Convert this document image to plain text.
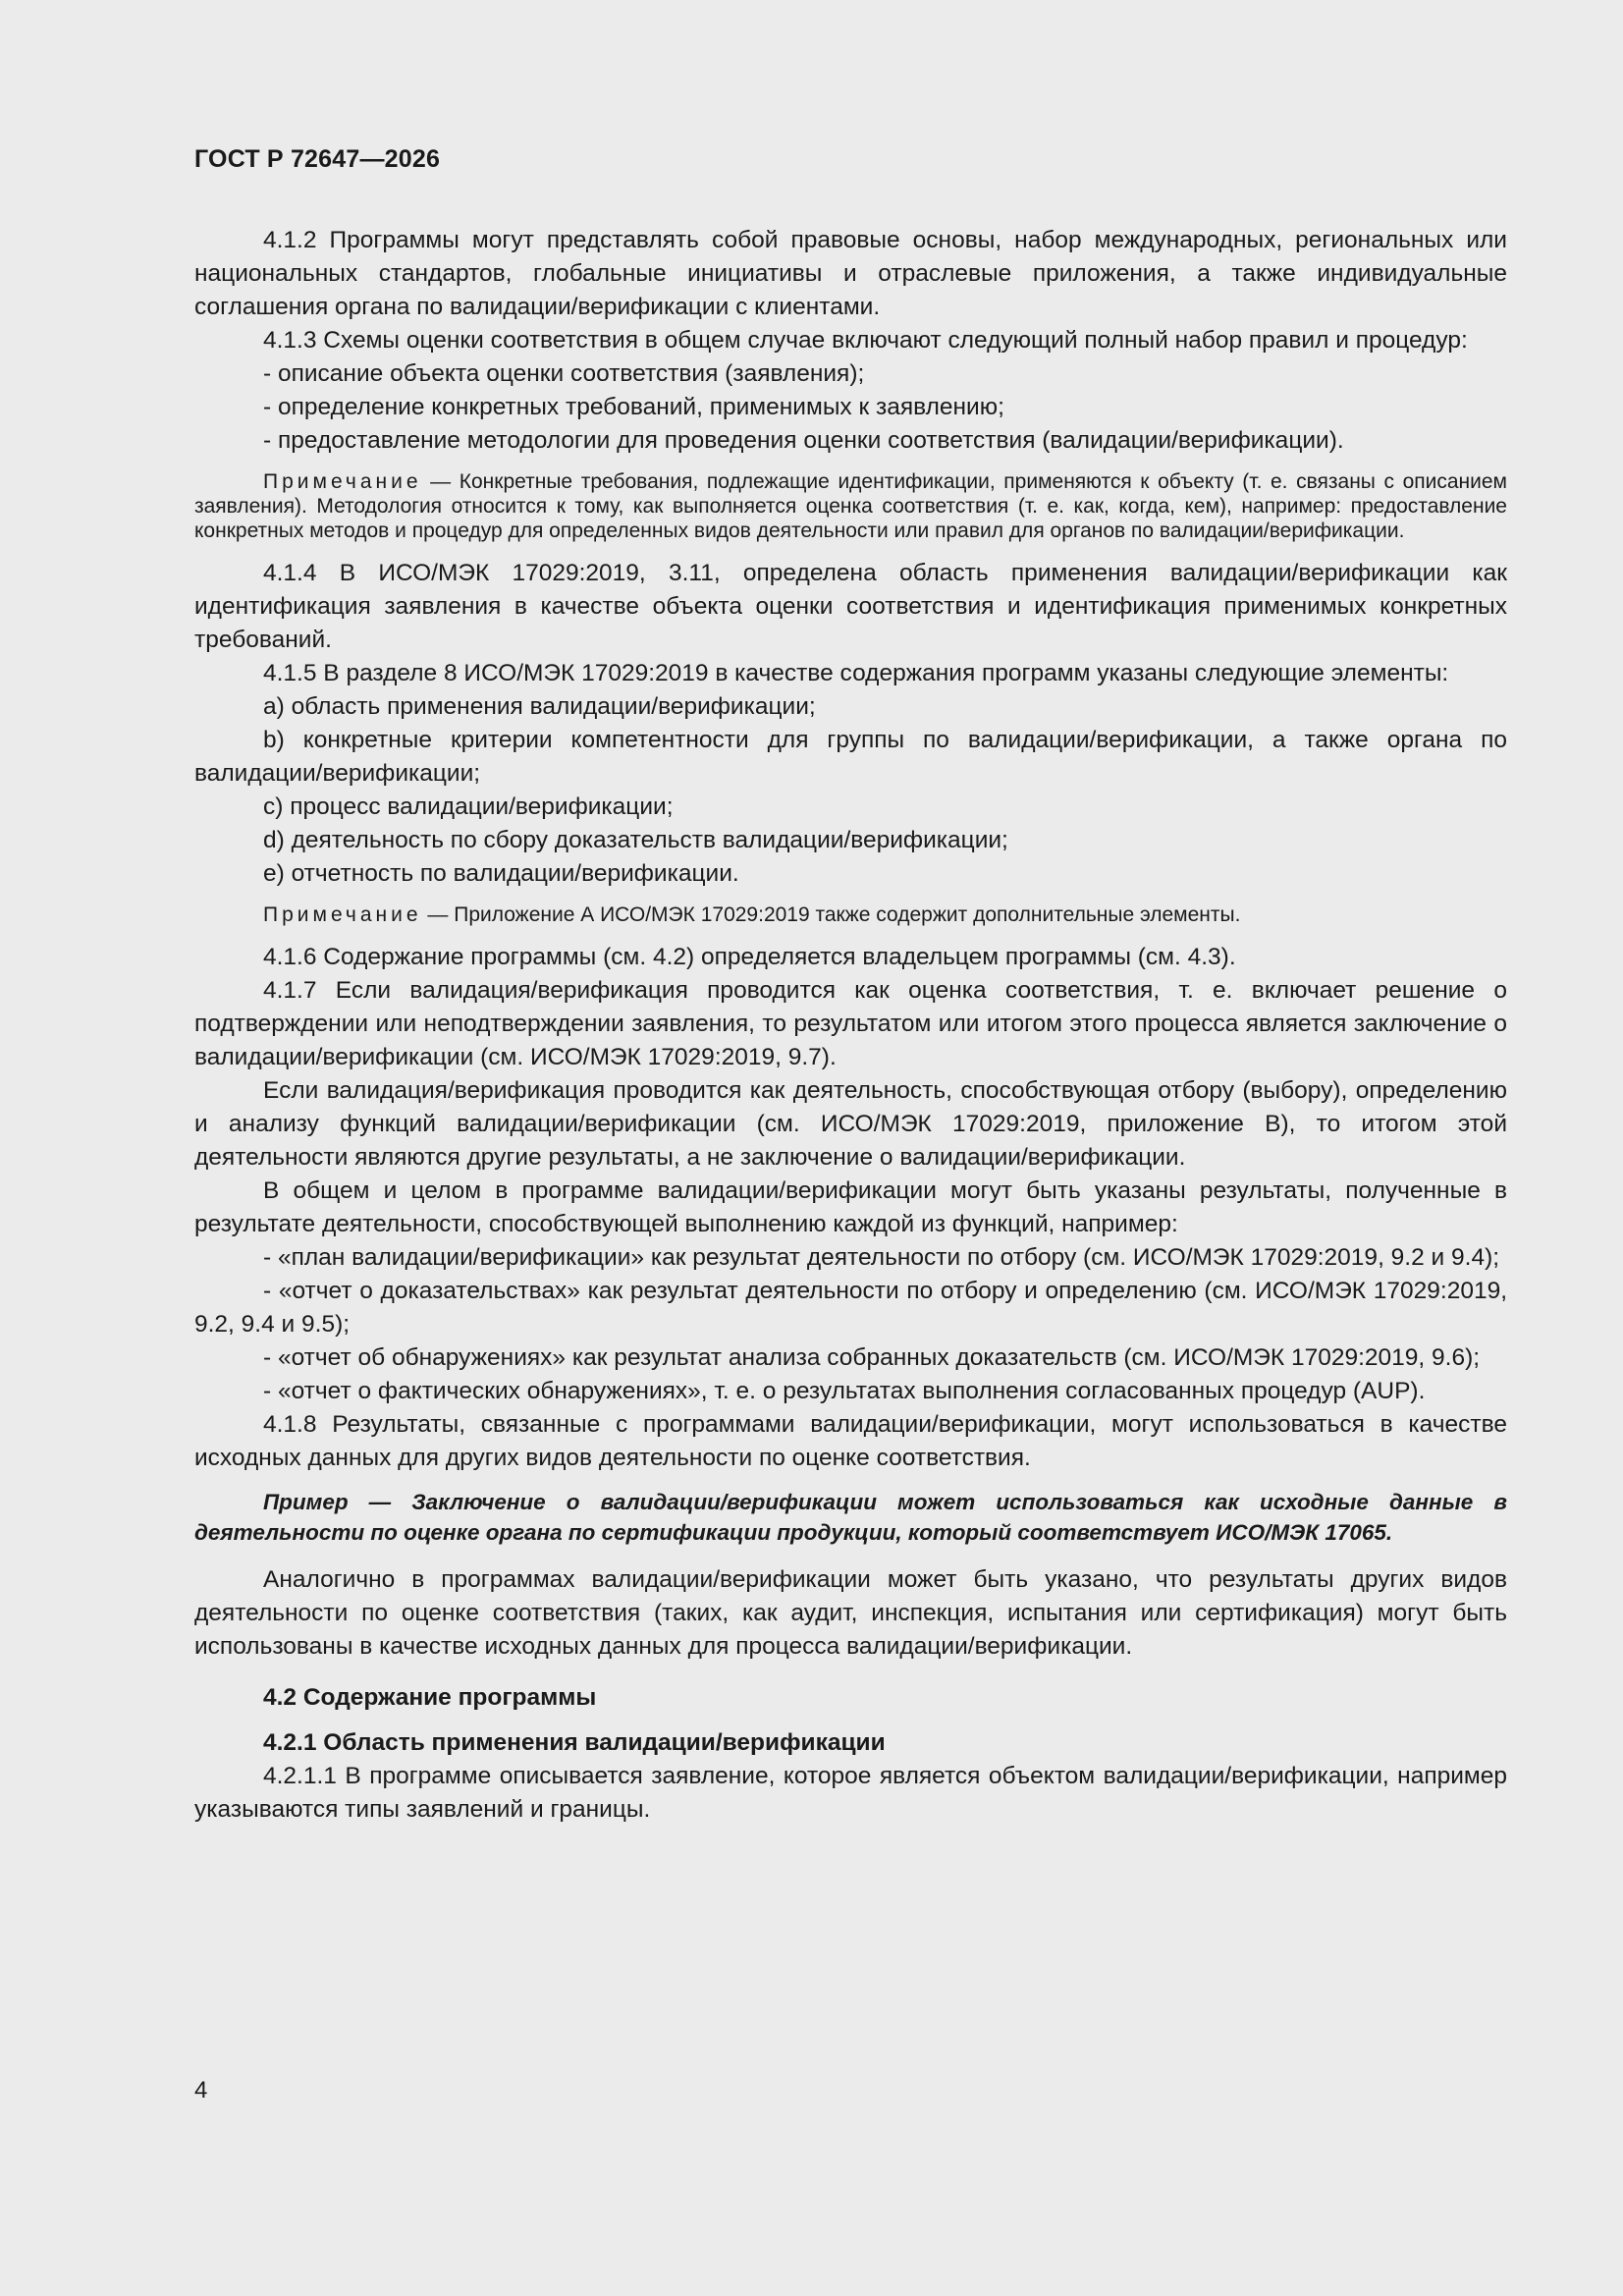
ГОСТ Р 72647—2026

4.1.2 Программы могут представлять собой правовые основы, набор международных, региональных или национальных стандартов, глобальные инициативы и отраслевые приложения, а также индивидуальные соглашения органа по валидации/верификации с клиентами.

4.1.3 Схемы оценки соответствия в общем случае включают следующий полный набор правил и процедур:

- описание объекта оценки соответствия (заявления);

- определение конкретных требований, применимых к заявлению;

- предоставление методологии для проведения оценки соответствия (валидации/верификации).

Примечание — Конкретные требования, подлежащие идентификации, применяются к объекту (т. е. связаны с описанием заявления). Методология относится к тому, как выполняется оценка соответствия (т. е. как, когда, кем), например: предоставление конкретных методов и процедур для определенных видов деятельности или правил для органов по валидации/верификации.

4.1.4 В ИСО/МЭК 17029:2019, 3.11, определена область применения валидации/верификации как идентификация заявления в качестве объекта оценки соответствия и идентификация применимых конкретных требований.

4.1.5 В разделе 8 ИСО/МЭК 17029:2019 в качестве содержания программ указаны следующие элементы:

a) область применения валидации/верификации;

b) конкретные критерии компетентности для группы по валидации/верификации, а также органа по валидации/верификации;

c) процесс валидации/верификации;

d) деятельность по сбору доказательств валидации/верификации;

e) отчетность по валидации/верификации.

Примечание — Приложение А ИСО/МЭК 17029:2019 также содержит дополнительные элементы.

4.1.6 Содержание программы (см. 4.2) определяется владельцем программы (см. 4.3).

4.1.7 Если валидация/верификация проводится как оценка соответствия, т. е. включает решение о подтверждении или неподтверждении заявления, то результатом или итогом этого процесса является заключение о валидации/верификации (см. ИСО/МЭК 17029:2019, 9.7).

Если валидация/верификация проводится как деятельность, способствующая отбору (выбору), определению и анализу функций валидации/верификации (см. ИСО/МЭК 17029:2019, приложение В), то итогом этой деятельности являются другие результаты, а не заключение о валидации/верификации.

В общем и целом в программе валидации/верификации могут быть указаны результаты, полученные в результате деятельности, способствующей выполнению каждой из функций, например:

- «план валидации/верификации» как результат деятельности по отбору (см. ИСО/МЭК 17029:2019, 9.2 и 9.4);

- «отчет о доказательствах» как результат деятельности по отбору и определению (см. ИСО/МЭК 17029:2019, 9.2, 9.4 и 9.5);

- «отчет об обнаружениях» как результат анализа собранных доказательств (см. ИСО/МЭК 17029:2019, 9.6);

- «отчет о фактических обнаружениях», т. е. о результатах выполнения согласованных процедур (AUP).

4.1.8 Результаты, связанные с программами валидации/верификации, могут использоваться в качестве исходных данных для других видов деятельности по оценке соответствия.

Пример — Заключение о валидации/верификации может использоваться как исходные данные в деятельности по оценке органа по сертификации продукции, который соответствует ИСО/МЭК 17065.

Аналогично в программах валидации/верификации может быть указано, что результаты других видов деятельности по оценке соответствия (таких, как аудит, инспекция, испытания или сертификация) могут быть использованы в качестве исходных данных для процесса валидации/верификации.

4.2 Содержание программы

4.2.1 Область применения валидации/верификации

4.2.1.1 В программе описывается заявление, которое является объектом валидации/верификации, например указываются типы заявлений и границы.

4
